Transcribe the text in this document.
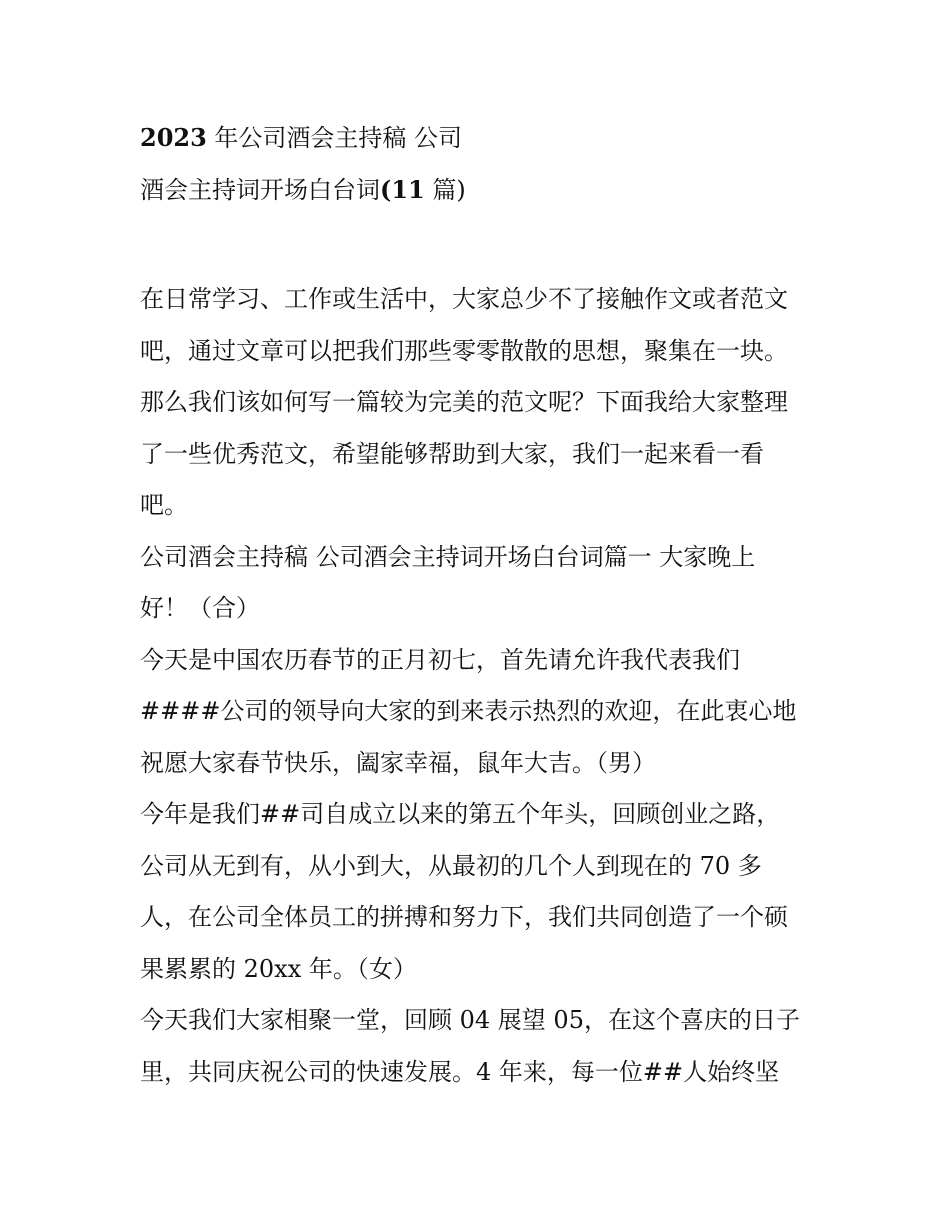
2023 年公司酒会主持稿 公司
酒会主持词开场白台词(11 篇)
在日常学习、工作或生活中，大家总少不了接触作文或者范文
吧，通过文章可以把我们那些零零散散的思想，聚集在一块。
那么我们该如何写一篇较为完美的范文呢？下面我给大家整理
了一些优秀范文，希望能够帮助到大家，我们一起来看一看
吧。
公司酒会主持稿 公司酒会主持词开场白台词篇一 大家晚上
好！（合）
今天是中国农历春节的正月初七，首先请允许我代表我们
####公司的领导向大家的到来表示热烈的欢迎，在此衷心地
祝愿大家春节快乐，阖家幸福，鼠年大吉。（男）
今年是我们##司自成立以来的第五个年头，回顾创业之路，
公司从无到有，从小到大，从最初的几个人到现在的 70 多
人，在公司全体员工的拼搏和努力下，我们共同创造了一个硕
果累累的 20xx 年。（女）
今天我们大家相聚一堂，回顾 04 展望 05，在这个喜庆的日子
里，共同庆祝公司的快速发展。4 年来，每一位##人始终坚
